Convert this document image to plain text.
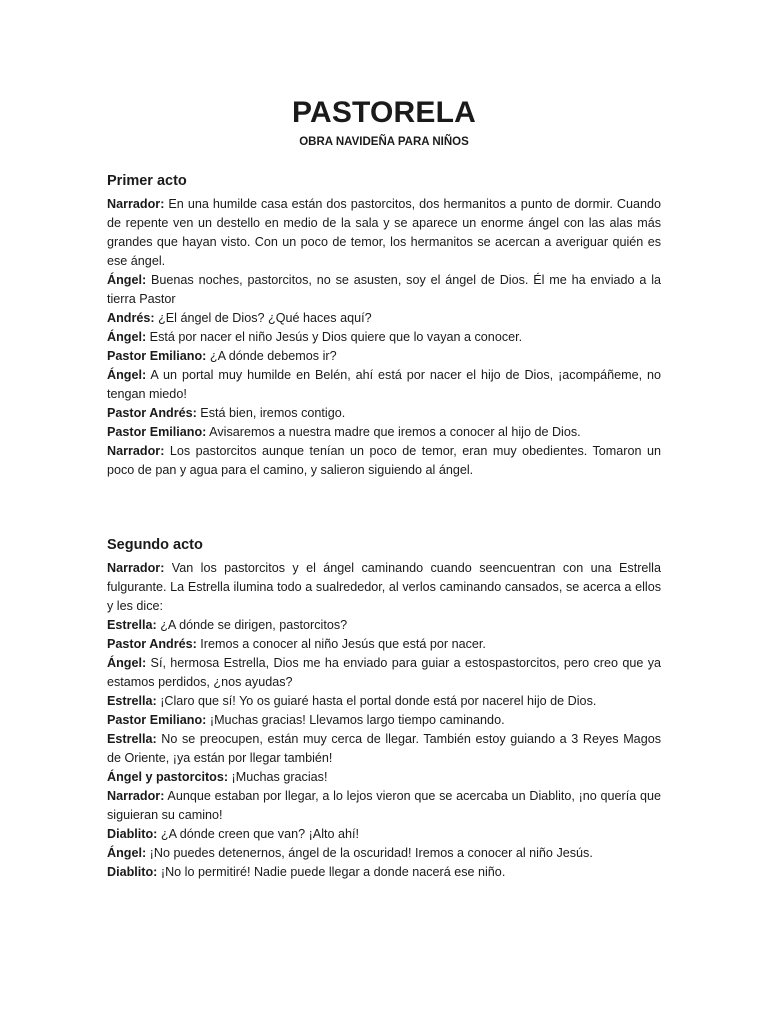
PASTORELA
OBRA NAVIDEÑA PARA NIÑOS
Primer acto

Narrador: En una humilde casa están dos pastorcitos, dos hermanitos a punto de dormir. Cuando de repente ven un destello en medio de la sala y se aparece un enorme ángel con las alas más grandes que hayan visto. Con un poco de temor, los hermanitos se acercan a averiguar quién es ese ángel.

Ángel: Buenas noches, pastorcitos, no se asusten, soy el ángel de Dios. Él me ha enviado a la tierra Pastor

Andrés: ¿El ángel de Dios? ¿Qué haces aquí?

Ángel: Está por nacer el niño Jesús y Dios quiere que lo vayan a conocer.

Pastor Emiliano: ¿A dónde debemos ir?

Ángel: A un portal muy humilde en Belén, ahí está por nacer el hijo de Dios, ¡acompáñeme, no tengan miedo!

Pastor Andrés: Está bien, iremos contigo.

Pastor Emiliano: Avisaremos a nuestra madre que iremos a conocer al hijo de Dios.

Narrador: Los pastorcitos aunque tenían un poco de temor, eran muy obedientes. Tomaron un poco de pan y agua para el camino, y salieron siguiendo al ángel.

Segundo acto

Narrador: Van los pastorcitos y el ángel caminando cuando seencuentran con una Estrella fulgurante. La Estrella ilumina todo a sualrededor, al verlos caminando cansados, se acerca a ellos y les dice:

Estrella: ¿A dónde se dirigen, pastorcitos?

Pastor Andrés: Iremos a conocer al niño Jesús que está por nacer.

Ángel: Sí, hermosa Estrella, Dios me ha enviado para guiar a estospastorcitos, pero creo que ya estamos perdidos, ¿nos ayudas?

Estrella: ¡Claro que sí! Yo os guiaré hasta el portal donde está por nacerel hijo de Dios.

Pastor Emiliano: ¡Muchas gracias! Llevamos largo tiempo caminando.

Estrella: No se preocupen, están muy cerca de llegar. También estoy guiando a 3 Reyes Magos de Oriente, ¡ya están por llegar también!

Ángel y pastorcitos: ¡Muchas gracias!

Narrador: Aunque estaban por llegar, a lo lejos vieron que se acercaba un Diablito, ¡no quería que siguieran su camino!

Diablito: ¿A dónde creen que van? ¡Alto ahí!

Ángel: ¡No puedes detenernos, ángel de la oscuridad! Iremos a conocer al niño Jesús.

Diablito: ¡No lo permitiré! Nadie puede llegar a donde nacerá ese niño.
